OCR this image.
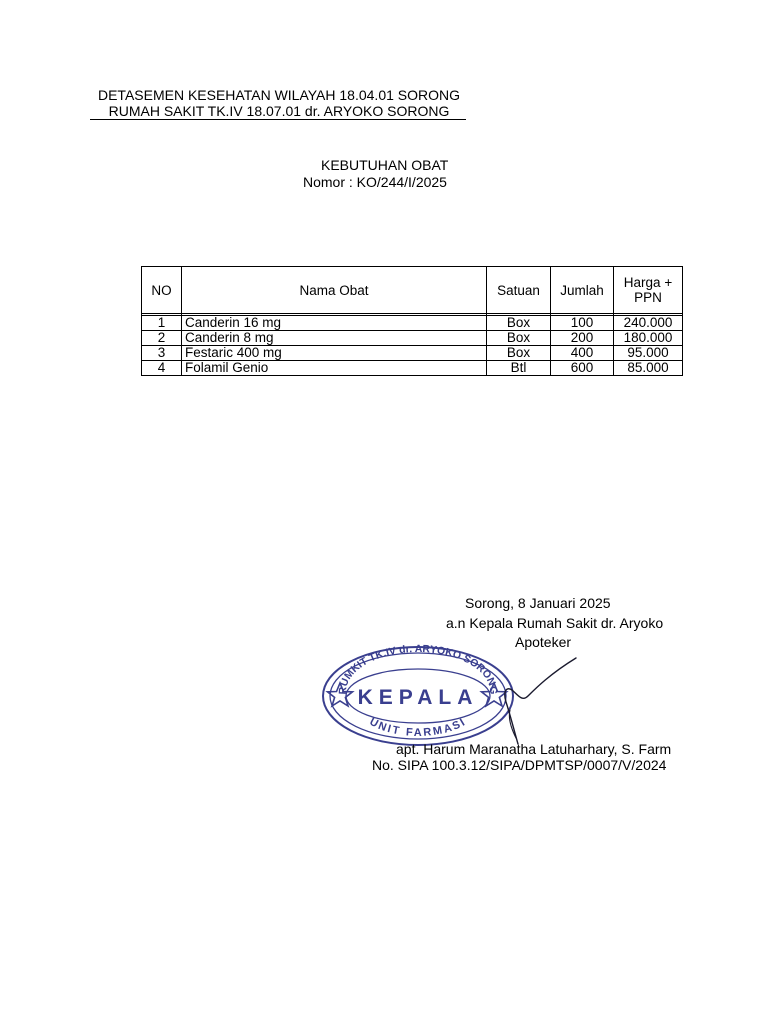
DETASEMEN KESEHATAN WILAYAH 18.04.01 SORONG
RUMAH SAKIT TK.IV 18.07.01 dr. ARYOKO SORONG
KEBUTUHAN OBAT
Nomor : KO/244/I/2025
NO	Nama Obat	Satuan	Jumlah	Harga +
PPN

1	Canderin 16 mg	Box	100	240.000
2	Canderin 8 mg	Box	200	180.000
3	Festaric 400 mg	Box	400	95.000
4	Folamil Genio	Btl	600	85.000
Sorong, 8 Januari 2025
a.n Kepala Rumah Sakit dr. Aryoko
Apoteker
RUMKIT TK.IV dr. ARYOKO SORONG
UNIT FARMASI
KEPALA
apt. Harum Maranatha Latuharhary, S. Farm
No. SIPA 100.3.12/SIPA/DPMTSP/0007/V/2024
